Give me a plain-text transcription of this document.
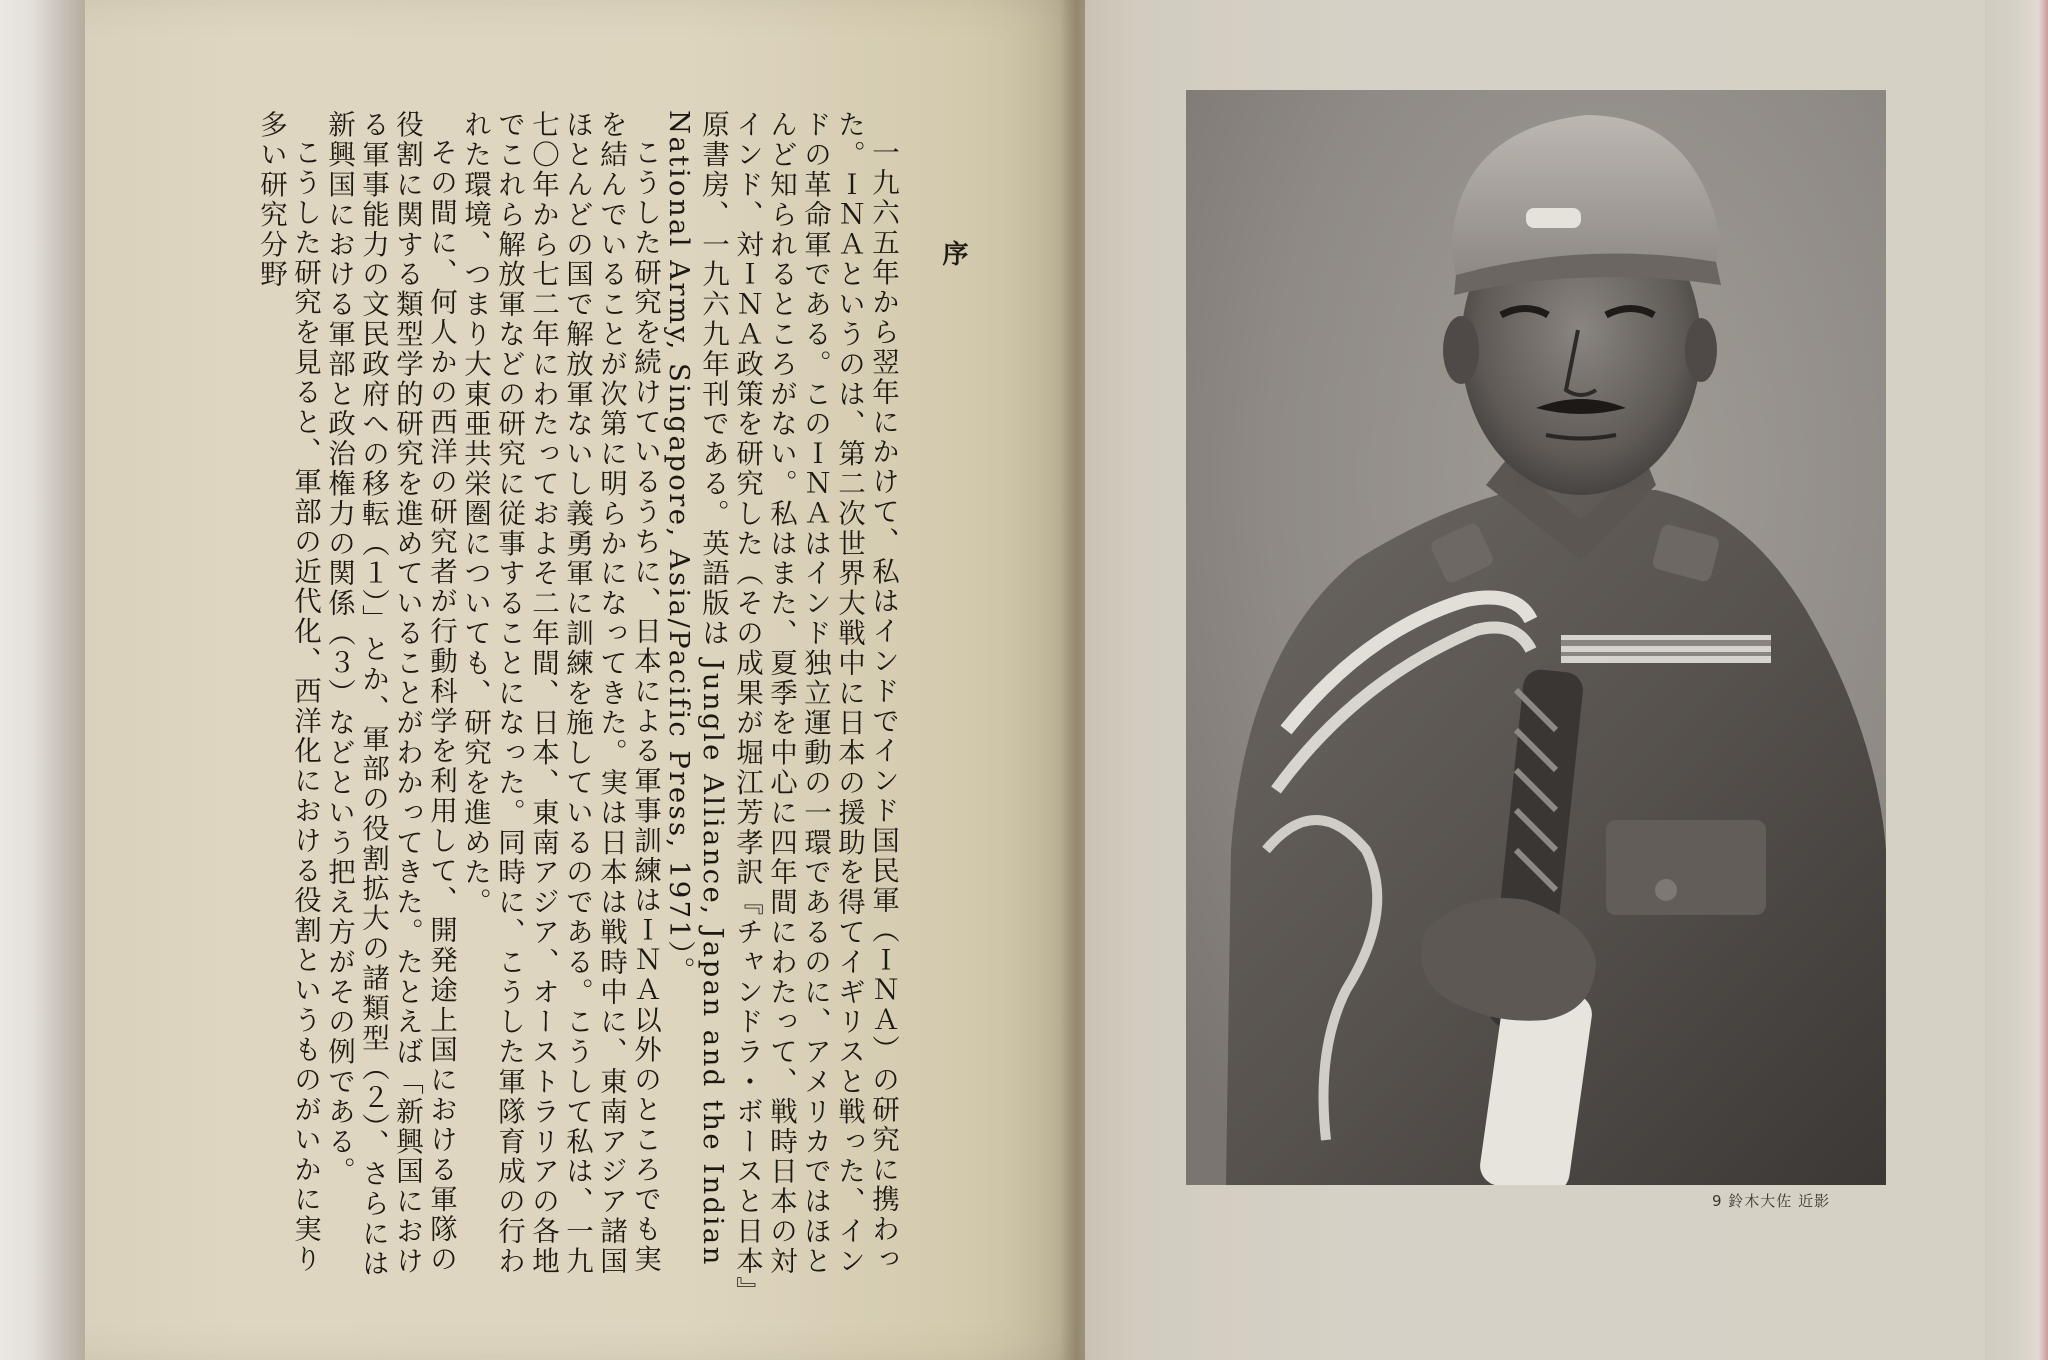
序

一九六五年から翌年にかけて、私はインドでインド国民軍（ＩＮＡ）の研究に携わった。ＩＮＡというのは、第二次世界大戦中に日本の援助を得てイギリスと戦った、インドの革命軍である。このＩＮＡはインド独立運動の一環であるのに、アメリカではほとんど知られるところがない。私はまた、夏季を中心に四年間にわたって、戦時日本の対インド、対ＩＮＡ政策を研究した（その成果が堀江芳孝訳『チャンドラ・ボースと日本』原書房、一九六九年刊である。英語版は Jungle Alliance, Japan and the Indian National Army, Singapore, Asia/Pacific Press, 1971）。

こうした研究を続けているうちに、日本による軍事訓練はＩＮＡ以外のところでも実を結んでいることが次第に明らかになってきた。実は日本は戦時中に、東南アジア諸国ほとんどの国で解放軍ないし義勇軍に訓練を施しているのである。こうして私は、一九七〇年から七二年にわたっておよそ二年間、日本、東南アジア、オーストラリアの各地でこれら解放軍などの研究に従事することになった。同時に、こうした軍隊育成の行われた環境、つまり大東亜共栄圏についても、研究を進めた。

その間に、何人かの西洋の研究者が行動科学を利用して、開発途上国における軍隊の役割に関する類型学的研究を進めていることがわかってきた。たとえば「新興国における軍事能力の文民政府への移転（１）」とか、軍部の役割拡大の諸類型（２）、さらには新興国における軍部と政治権力の関係（３）などという把え方がその例である。

こうした研究を見ると、軍部の近代化、西洋化における役割というものがいかに実り多い研究分野

9 鈴木大佐 近影
